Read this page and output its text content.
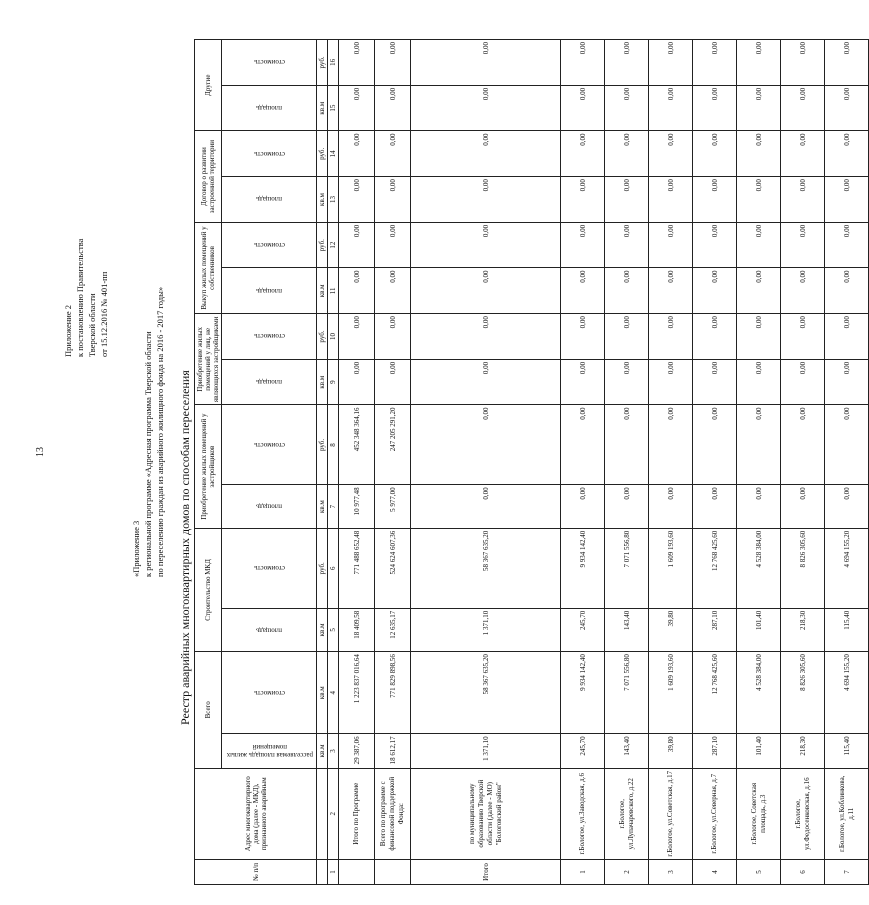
13
Приложение 2 к постановлению Правительства Тверской области от 15.12.2016 № 401-пп
«Приложение 3 к региональной программе «Адресная программа Тверской области по переселению граждан из аварийного жилищного фонда на 2016 - 2017 годы» Реестр аварийных многоквартирных домов по способам переселения
№ п/п	Адрес многоквартирного дома (далее - МКД), признанного аварийным	Всего		Строительство МКД		Приобретение жилых помещений у застройщиков		Приобретение жилых помещений у лиц, не являющихся застройщиками		Выкуп жилых помещений у собственников		Договор о развитии застроенной территории		Другие	
		расселяемая площадь жилых помещений	стоимость	площадь	стоимость	площадь	стоимость	площадь	стоимость	площадь	стоимость	площадь	стоимость	площадь	стоимость
		кв.м	кв.м	кв.м	руб.	кв.м	руб.	кв.м	руб.	кв.м	руб.	кв.м	руб.	кв.м	руб.
1	2	3	4	5	6	7	8	9	10	11	12	13	14	15	16
	Итого по Программе	29 387,06	1 223 837 016,64	18 409,58	771 488 652,48	10 977,48	452 348 364,16	0,00	0,00	0,00	0,00	0,00	0,00	0,00	0,00
	Всего по программе с финансовой поддержкой Фонда:	18 612,17	771 829 898,56	12 635,17	524 624 607,36	5 977,00	247 205 291,20	0,00	0,00	0,00	0,00	0,00	0,00	0,00	0,00
Итого	по муниципальному образованию Тверской области (далее - МО) "Бологовский район"	1 371,10	58 367 635,20	1 371,10	58 367 635,20	0,00	0,00	0,00	0,00	0,00	0,00	0,00	0,00	0,00	0,00
1	г.Бологое, ул.Заводская, д.6	245,70	9 934 142,40	245,70	9 934 142,40	0,00	0,00	0,00	0,00	0,00	0,00	0,00	0,00	0,00	0,00
2	г.Бологое, ул.Лупачаревского, д.22	143,40	7 071 556,80	143,40	7 071 556,80	0,00	0,00	0,00	0,00	0,00	0,00	0,00	0,00	0,00	0,00
3	г.Бологое, ул.Советская, д.17	39,80	1 609 193,60	39,80	1 609 193,60	0,00	0,00	0,00	0,00	0,00	0,00	0,00	0,00	0,00	0,00
4	г.Бологое, ул.Северная, д.7	287,10	12 768 425,60	287,10	12 768 425,60	0,00	0,00	0,00	0,00	0,00	0,00	0,00	0,00	0,00	0,00
5	г.Бологое, Советская площадь, д.3	101,40	4 528 384,00	101,40	4 528 384,00	0,00	0,00	0,00	0,00	0,00	0,00	0,00	0,00	0,00	0,00
6	г.Бологое, ул.Федосенковская, д.16	218,30	8 826 305,60	218,30	8 826 305,60	0,00	0,00	0,00	0,00	0,00	0,00	0,00	0,00	0,00	0,00
7	г.Бологое, ул.Коблинкова, д.11	115,40	4 694 155,20	115,40	4 694 155,20	0,00	0,00	0,00	0,00	0,00	0,00	0,00	0,00	0,00	0,00
